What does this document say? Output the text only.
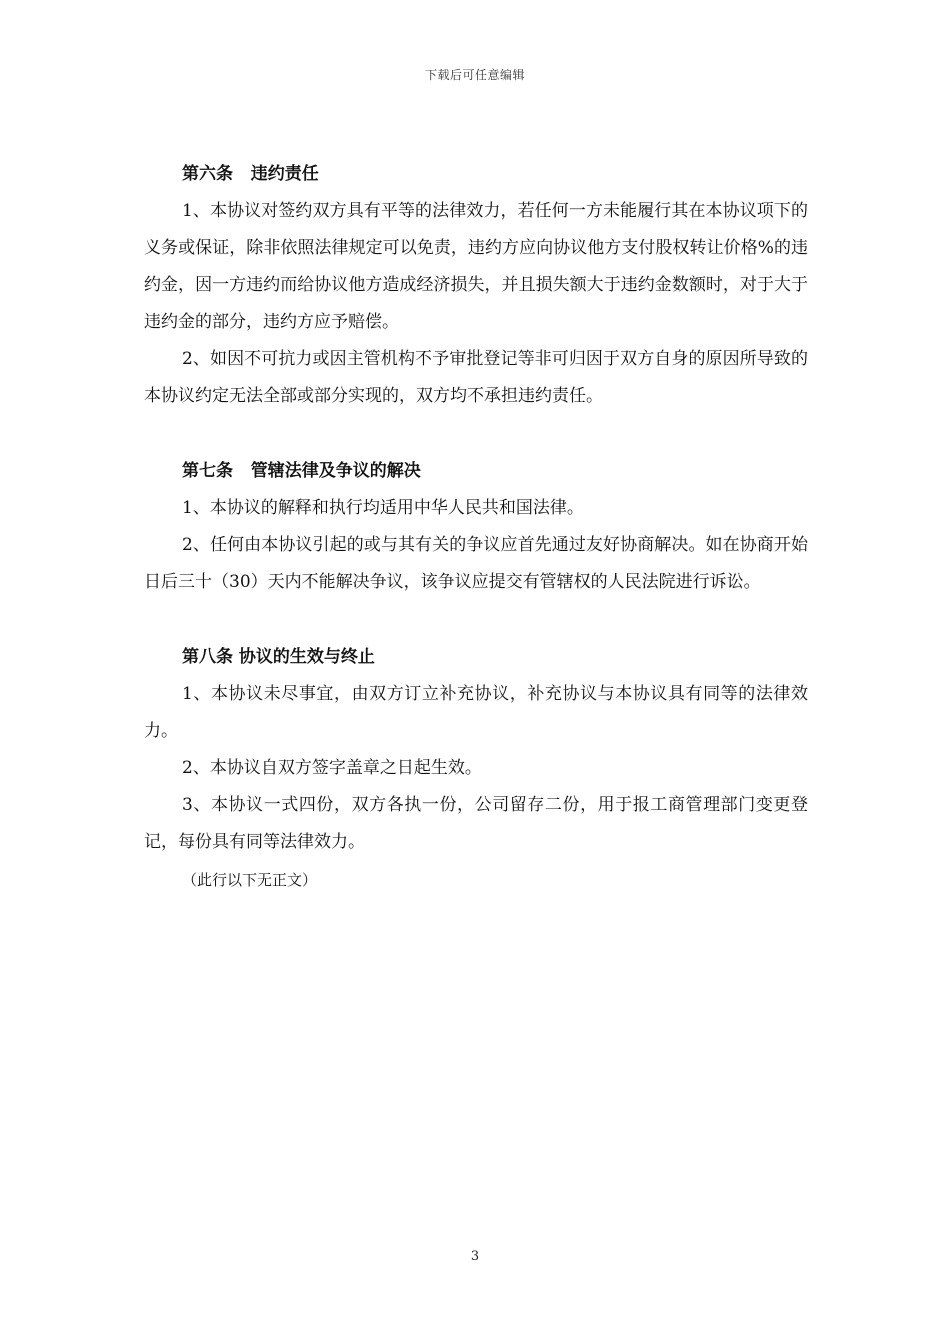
下载后可任意编辑
第六条   违约责任

1、本协议对签约双方具有平等的法律效力，若任何一方未能履行其在本协议项下的义务或保证，除非依照法律规定可以免责，违约方应向协议他方支付股权转让价格%的违约金，因一方违约而给协议他方造成经济损失，并且损失额大于违约金数额时，对于大于违约金的部分，违约方应予赔偿。

2、如因不可抗力或因主管机构不予审批登记等非可归因于双方自身的原因所导致的本协议约定无法全部或部分实现的，双方均不承担违约责任。

第七条   管辖法律及争议的解决

1、本协议的解释和执行均适用中华人民共和国法律。

2、任何由本协议引起的或与其有关的争议应首先通过友好协商解决。如在协商开始日后三十（30）天内不能解决争议，该争议应提交有管辖权的人民法院进行诉讼。

第八条 协议的生效与终止

1、本协议未尽事宜，由双方订立补充协议，补充协议与本协议具有同等的法律效力。

2、本协议自双方签字盖章之日起生效。

3、本协议一式四份，双方各执一份，公司留存二份，用于报工商管理部门变更登记，每份具有同等法律效力。

（此行以下无正文）
3
